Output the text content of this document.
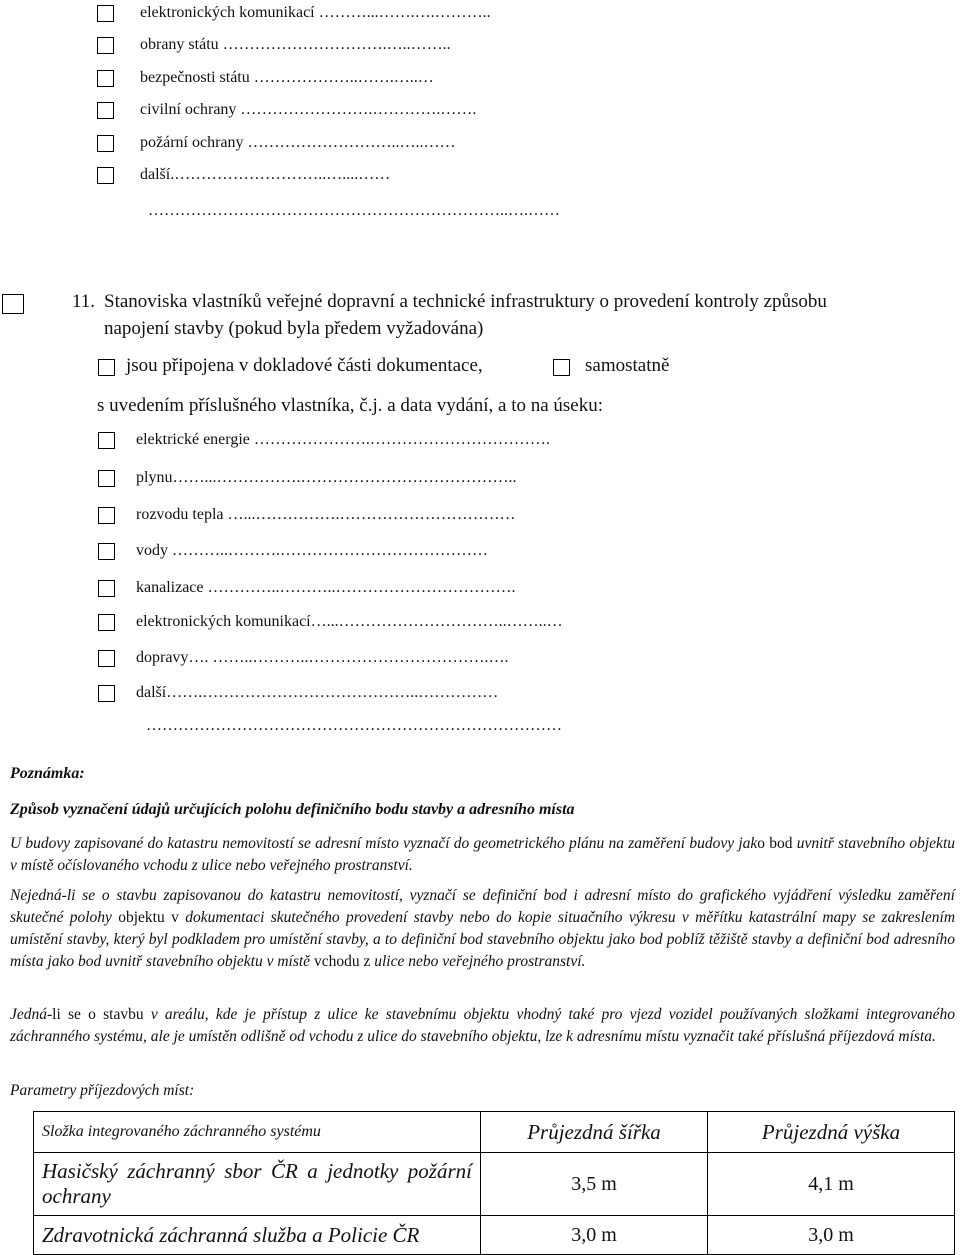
elektronických komunikací ………...…….….………..
obrany státu ………………………….…..……..
bezpečnosti státu ………………..…….…..…
civilní ochrany …………………….………….…….
požární ochrany ………………………..…..……
další.………………………..…....……
…………………………………………………………..….……
11. Stanoviska vlastníků veřejné dopravní a technické infrastruktury o provedení kontroly způsobu
napojení stavby (pokud byla předem vyžadována)
jsou připojena v dokladové části dokumentace,	samostatně
s uvedením příslušného vlastníka, č.j. a data vydání, a to na úseku:
elektrické energie ………………….…………………………….
plynu……...…………….…………………………………..
rozvodu tepla …...…………….……………………………
vody ………..……….…………………………………
kanalizace …………..………..…………………………….
elektronických komunikací…...…………………………..……..…
dopravy…. ……..………..…………………………….….
další…….…………………………………..……………
……………………………………………………………………
Poznámka:
Způsob vyznačení údajů určujících polohu definičního bodu stavby a adresního místa
U budovy zapisované do katastru nemovitostí se adresní místo vyznačí do geometrického plánu na zaměření budovy jako bod uvnitř stavebního objektu v místě očíslovaného vchodu z ulice nebo veřejného prostranství.
Nejedná-li se o stavbu zapisovanou do katastru nemovitostí, vyznačí se definiční bod i adresní místo do grafického vyjádření výsledku zaměření skutečné polohy objektu v dokumentaci skutečného provedení stavby nebo do kopie situačního výkresu v měřítku katastrální mapy se zakreslením umístění stavby, který byl podkladem pro umístění stavby, a to definiční bod stavebního objektu jako bod poblíž těžiště stavby a definiční bod adresního místa jako bod uvnitř stavebního objektu v místě vchodu z ulice nebo veřejného prostranství.
Jedná-li se o stavbu v areálu, kde je přístup z ulice ke stavebnímu objektu vhodný také pro vjezd vozidel používaných složkami integrovaného záchranného systému, ale je umístěn odlišně od vchodu z ulice do stavebního objektu, lze k adresnímu místu vyznačit také příslušná příjezdová místa.
Parametry příjezdových míst:
Složka integrovaného záchranného systému	Průjezdná šířka	Průjezdná výška
Hasičský záchranný sbor ČR a jednotky požární ochrany	3,5 m	4,1 m
Zdravotnická záchranná služba a Policie ČR	3,0 m	3,0 m
